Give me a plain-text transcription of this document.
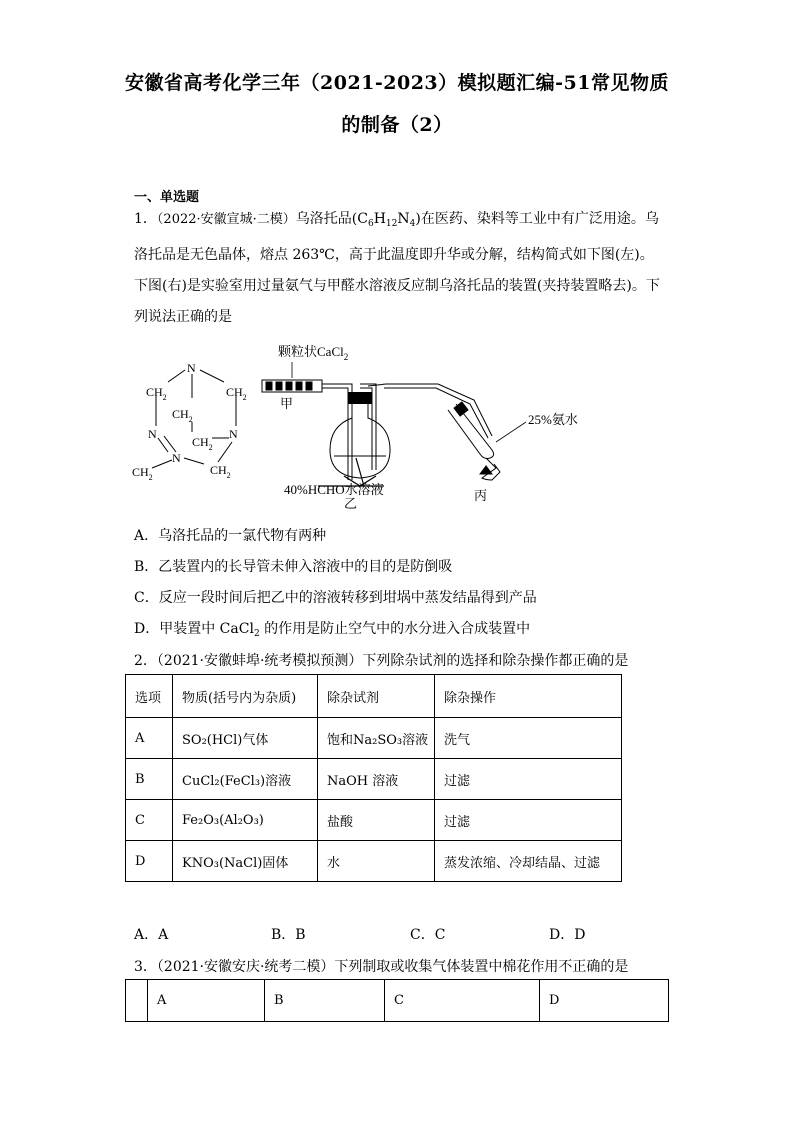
安徽省高考化学三年（2021-2023）模拟题汇编-51常见物质
的制备（2）
一、单选题
1．（2022·安徽宣城·二模）乌洛托品$(C_6H_{12}N_4)$在医药、染料等工业中有广泛用途。乌洛托品是无色晶体，熔点 263℃，高于此温度即升华或分解，结构简式如下图(左)。下图(右)是实验室用过量氨气与甲醛水溶液反应制乌洛托品的装置(夹持装置略去)。下列说法正确的是
N
$CH_2$	$CH_2$
$CH_2$
N	N
$CH_2$
N
$CH_2$
$CH_2$
颗粒状CaCl$_2$
甲
40%HCHO水溶液
乙
25%氨水
丙
A．乌洛托品的一氯代物有两种
B．乙装置内的长导管未伸入溶液中的目的是防倒吸
C．反应一段时间后把乙中的溶液转移到坩埚中蒸发结晶得到产品
D．甲装置中 CaCl$_2$ 的作用是防止空气中的水分进入合成装置中
2．（2021·安徽蚌埠·统考模拟预测）下列除杂试剂的选择和除杂操作都正确的是
选项	物质(括号内为杂质)	除杂试剂	除杂操作
A	SO₂(HCl)气体	饱和Na₂SO₃溶液	洗气
B	CuCl₂(FeCl₃)溶液	NaOH 溶液	过滤
C	Fe₂O₃(Al₂O₃)	盐酸	过滤
D	KNO₃(NaCl)固体	水	蒸发浓缩、冷却结晶、过滤
A．A	B．B	C．C	D．D
3．（2021·安徽安庆·统考二模）下列制取或收集气体装置中棉花作用不正确的是
	A	B	C	D
